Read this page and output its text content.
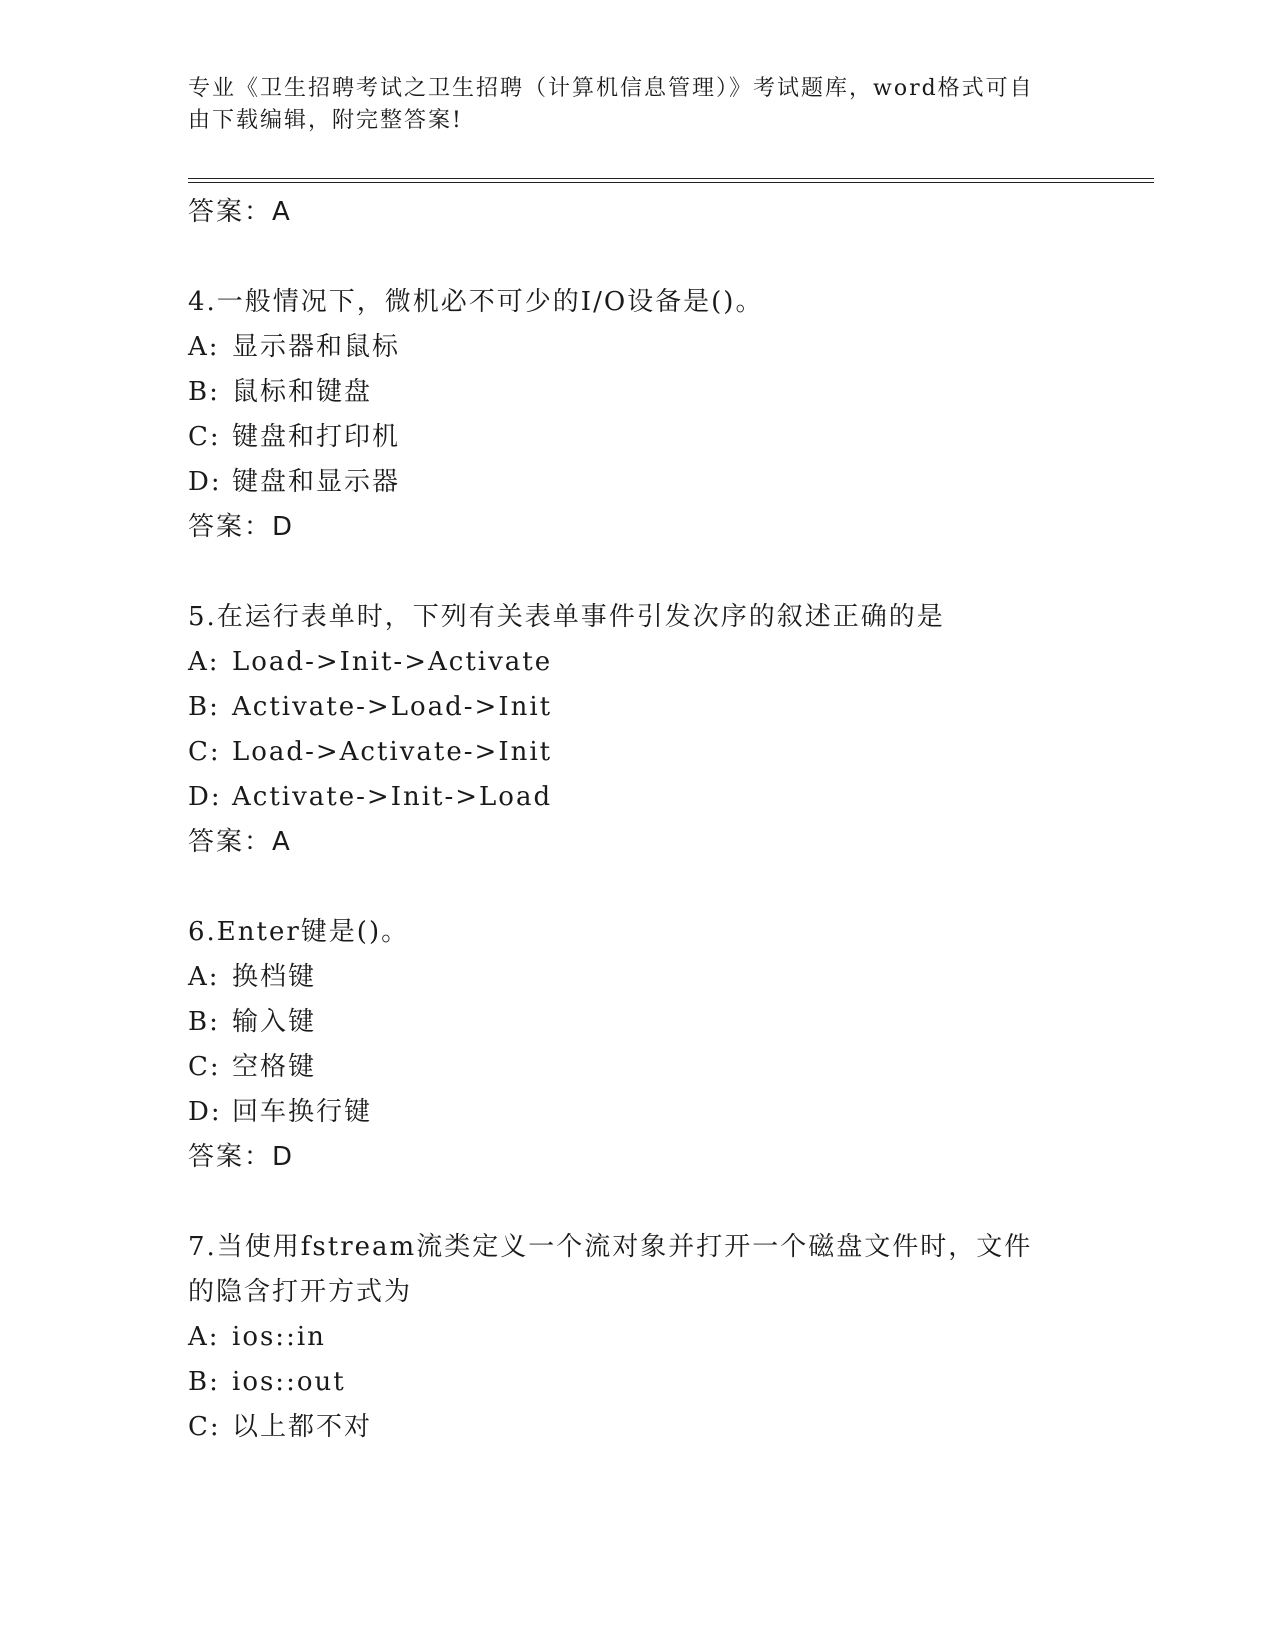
专业《卫生招聘考试之卫生招聘（计算机信息管理）》考试题库，word格式可自
由下载编辑，附完整答案!
答案：A
4.一般情况下，微机必不可少的I/O设备是()。
A: 显示器和鼠标
B: 鼠标和键盘
C: 键盘和打印机
D: 键盘和显示器
答案：D
5.在运行表单时，下列有关表单事件引发次序的叙述正确的是
A: Load->Init->Activate
B: Activate->Load->Init
C: Load->Activate->Init
D: Activate->Init->Load
答案：A
6.Enter键是()。
A: 换档键
B: 输入键
C: 空格键
D: 回车换行键
答案：D
7.当使用fstream流类定义一个流对象并打开一个磁盘文件时，文件
的隐含打开方式为
A: ios::in
B: ios::out
C: 以上都不对
